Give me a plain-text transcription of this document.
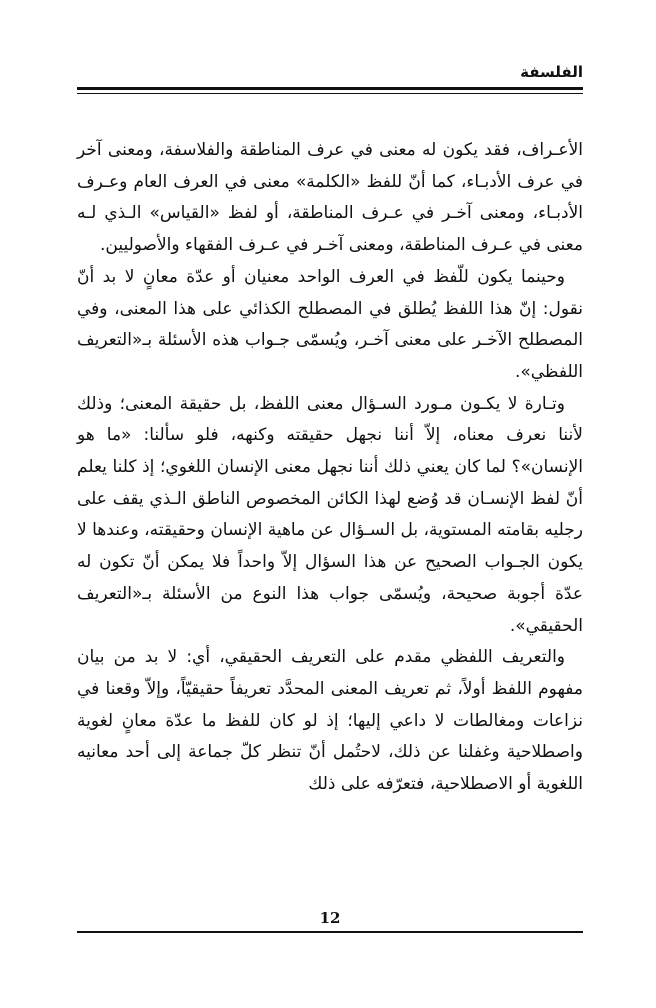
الفلسفة

الأعـراف، فقد يكون له معنى في عرف المناطقة والفلاسفة، ومعنى آخر في عرف الأدبـاء، كما أنّ للفظ «الكلمة» معنى في العرف العام وعـرف الأدبـاء، ومعنى آخـر في عـرف المناطقة، أو لفظ «القياس» الـذي لـه معنى في عـرف المناطقة، ومعنى آخـر في عـرف الفقهاء والأصوليين.

وحينما يكون للّفظ في العرف الواحد معنيان أو عدّة معانٍ لا بد أنّ نقول: إنّ هذا اللفظ يُطلق في المصطلح الكذائي على هذا المعنى، وفي المصطلح الآخـر على معنى آخـر، ويُسمّى جـواب هذه الأسئلة بـ«التعريف اللفظي».

وتـارة لا يكـون مـورد السـؤال معنى اللفظ، بل حقيقة المعنى؛ وذلك لأننا نعرف معناه، إلاّ أننا نجهل حقيقته وكنهه، فلو سألنا: «ما هو الإنسان»؟ لما كان يعني ذلك أننا نجهل معنى الإنسان اللغوي؛ إذ كلنا يعلم أنّ لفظ الإنسـان قد وُضع لهذا الكائن المخصوص الناطق الـذي يقف على رجليه بقامته المستوية، بل السـؤال عن ماهية الإنسان وحقيقته، وعندها لا يكون الجـواب الصحيح عن هذا السؤال إلاّ واحداً فلا يمكن أنّ تكون له عدّة أجوبة صحيحة، ويُسمّى جواب هذا النوع من الأسئلة بـ«التعريف الحقيقي».

والتعريف اللفظي مقدم على التعريف الحقيقي، أي: لا بد من بيان مفهوم اللفظ أولاً، ثم تعريف المعنى المحدَّد تعريفاً حقيقيّاً، وإلاّ وقعنا في نزاعات ومغالطات لا داعي إليها؛ إذ لو كان للفظ ما عدّة معانٍ لغوية واصطلاحية وغفلنا عن ذلك، لاحتُمل أنّ تنظر كلّ جماعة إلى أحد معانيه اللغوية أو الاصطلاحية، فتعرّفه على ذلك

12
